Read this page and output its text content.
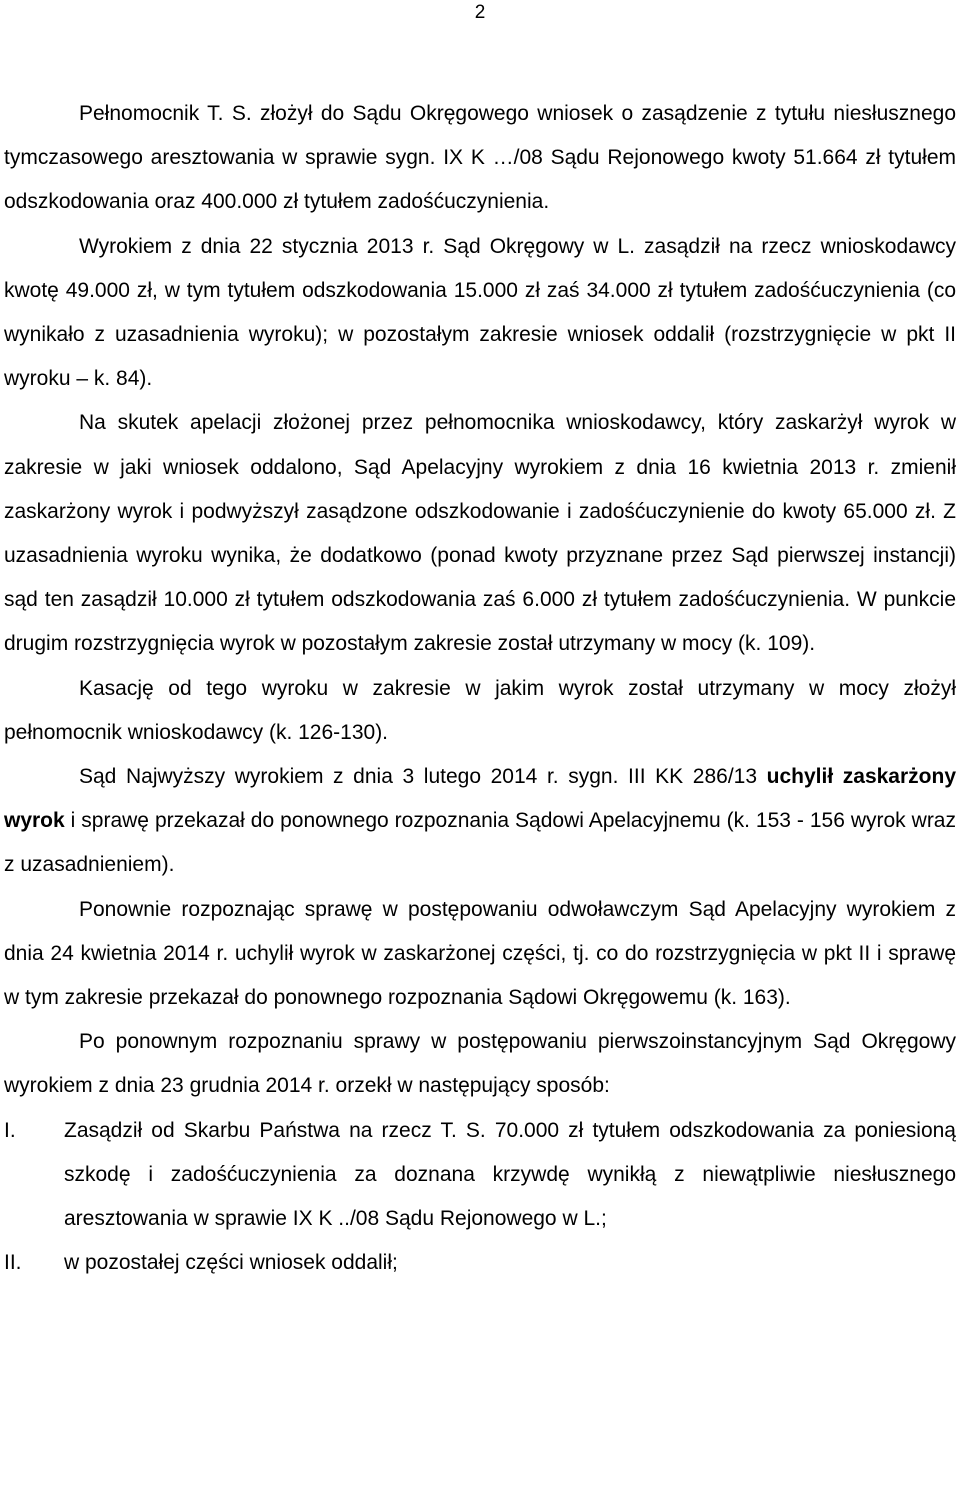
2

Pełnomocnik T. S. złożył do Sądu Okręgowego wniosek o zasądzenie z tytułu niesłusznego tymczasowego aresztowania w sprawie sygn. IX K …/08 Sądu Rejonowego kwoty 51.664 zł tytułem odszkodowania oraz 400.000 zł tytułem zadośćuczynienia.

Wyrokiem z dnia 22 stycznia 2013 r. Sąd Okręgowy w L. zasądził na rzecz wnioskodawcy kwotę 49.000 zł, w tym tytułem odszkodowania 15.000 zł zaś 34.000 zł tytułem zadośćuczynienia (co wynikało z uzasadnienia wyroku); w pozostałym zakresie wniosek oddalił (rozstrzygnięcie w pkt II wyroku – k. 84).

Na skutek apelacji złożonej przez pełnomocnika wnioskodawcy, który zaskarżył wyrok w zakresie w jaki wniosek oddalono, Sąd Apelacyjny wyrokiem z dnia 16 kwietnia 2013 r. zmienił zaskarżony wyrok i podwyższył zasądzone odszkodowanie i zadośćuczynienie do kwoty 65.000 zł. Z uzasadnienia wyroku wynika, że dodatkowo (ponad kwoty przyznane przez Sąd pierwszej instancji) sąd ten zasądził 10.000 zł tytułem odszkodowania zaś 6.000 zł tytułem zadośćuczynienia. W punkcie drugim rozstrzygnięcia wyrok w pozostałym zakresie został utrzymany w mocy (k. 109).

Kasację od tego wyroku w zakresie w jakim wyrok został utrzymany w mocy złożył pełnomocnik wnioskodawcy (k. 126-130).

Sąd Najwyższy wyrokiem z dnia 3 lutego 2014 r. sygn. III KK 286/13 uchylił zaskarżony wyrok i sprawę przekazał do ponownego rozpoznania Sądowi Apelacyjnemu (k. 153 - 156 wyrok wraz z uzasadnieniem).

Ponownie rozpoznając sprawę w postępowaniu odwoławczym Sąd Apelacyjny wyrokiem z dnia 24 kwietnia 2014 r. uchylił wyrok w zaskarżonej części, tj. co do rozstrzygnięcia w pkt II i sprawę w tym zakresie przekazał do ponownego rozpoznania Sądowi Okręgowemu (k. 163).

Po ponownym rozpoznaniu sprawy w postępowaniu pierwszoinstancyjnym Sąd Okręgowy wyrokiem z dnia 23 grudnia 2014 r. orzekł w następujący sposób:

I.	Zasądził od Skarbu Państwa na rzecz T. S. 70.000 zł tytułem odszkodowania za poniesioną szkodę i zadośćuczynienia za doznana krzywdę wynikłą z niewątpliwie niesłusznego aresztowania w sprawie IX K ../08 Sądu Rejonowego w L.;
II.	w pozostałej części wniosek oddalił;
